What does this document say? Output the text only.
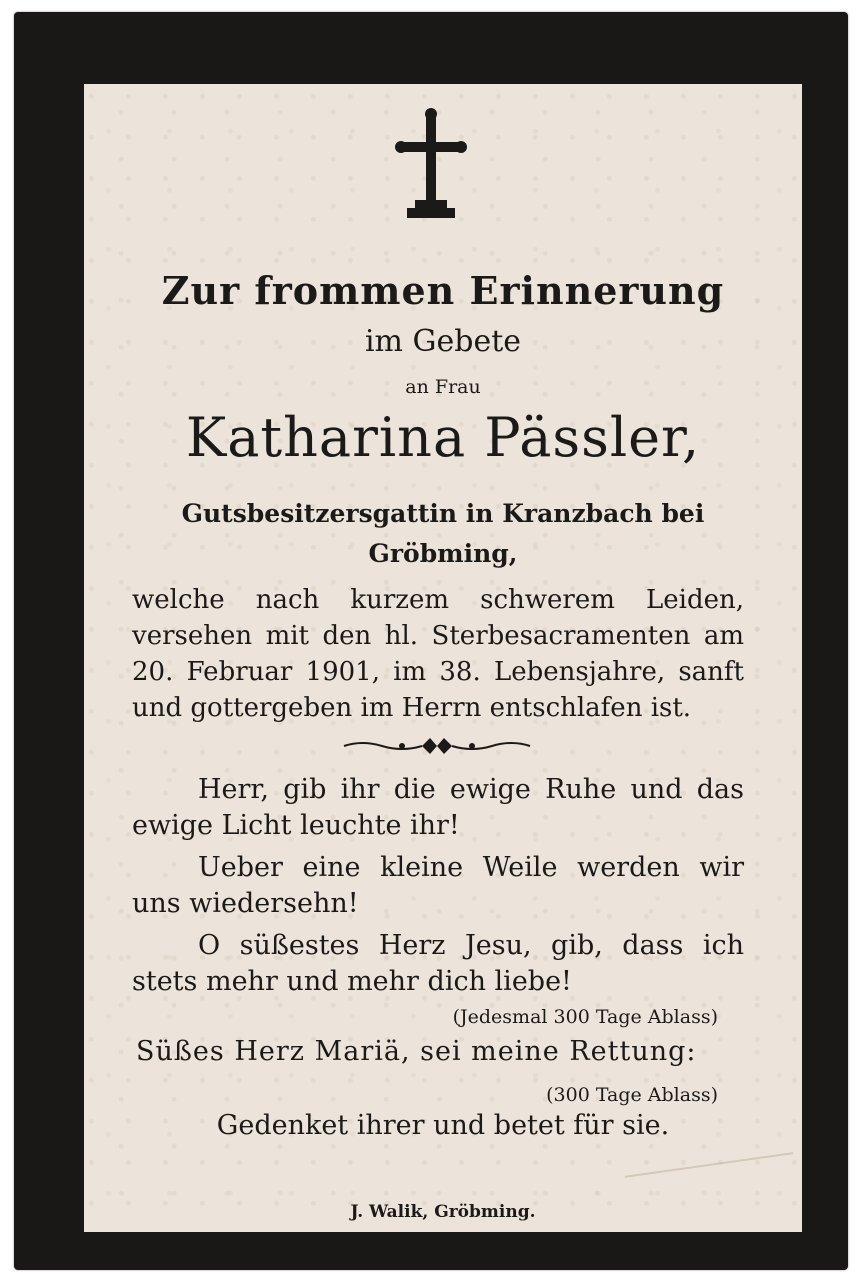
Zur frommen Erinnerung
im Gebete
an Frau
Katharina Pässler,
Gutsbesitzersgattin in Kranzbach bei Gröbming,
welche nach kurzem schwerem Leiden, versehen mit den hl. Sterbesacramenten am 20. Februar 1901, im 38. Lebensjahre, sanft und gottergeben im Herrn entschlafen ist.
Herr, gib ihr die ewige Ruhe und das ewige Licht leuchte ihr!
Ueber eine kleine Weile werden wir uns wiedersehn!
O süßestes Herz Jesu, gib, dass ich stets mehr und mehr dich liebe!
(Jedesmal 300 Tage Ablass)
Süßes Herz Mariä, sei meine Rettung:
(300 Tage Ablass)
Gedenket ihrer und betet für sie.
J. Walik, Gröbming.
